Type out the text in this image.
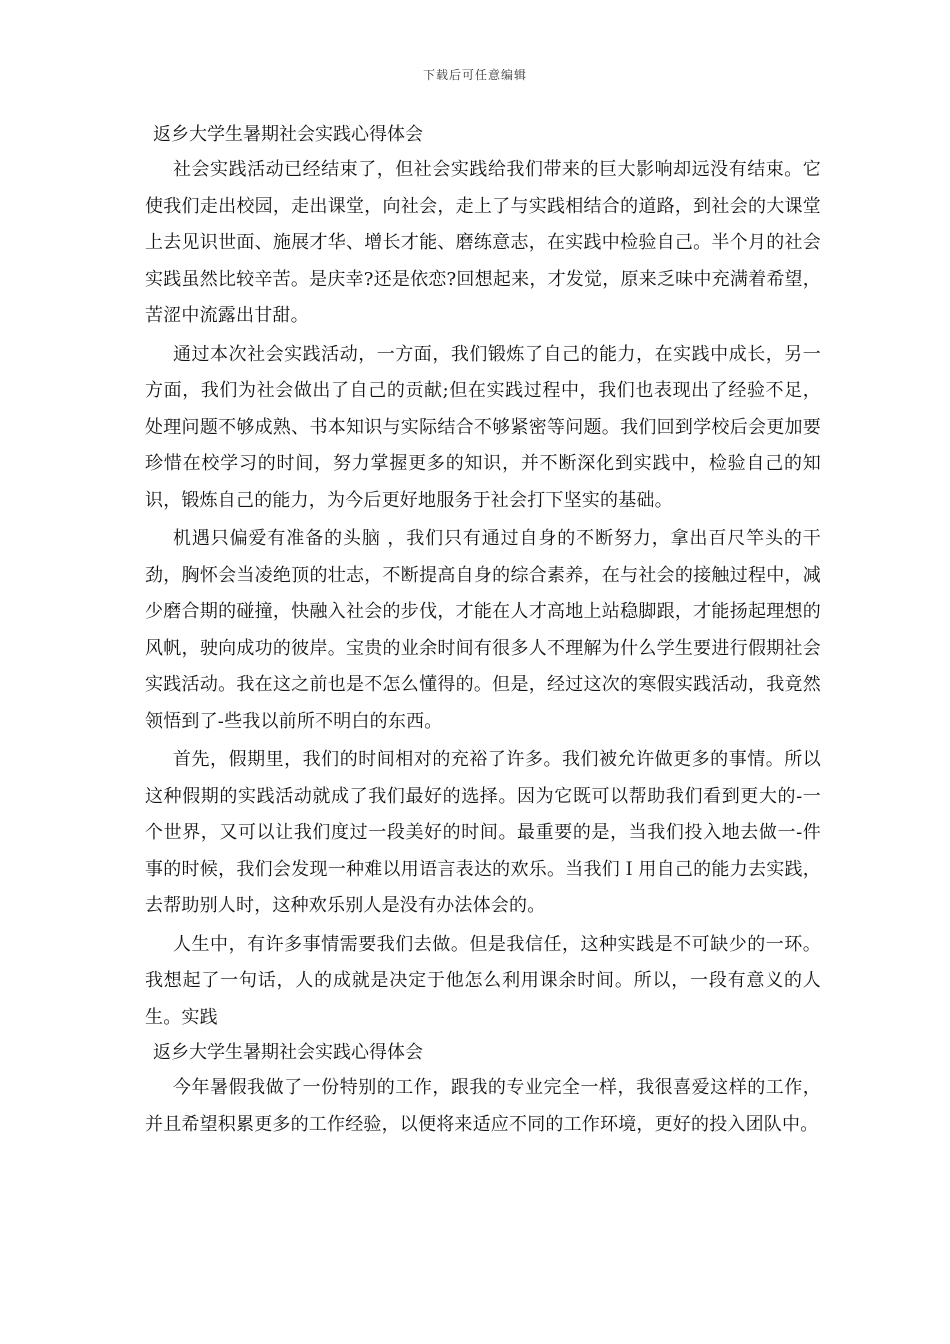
下载后可任意编辑
返乡大学生暑期社会实践心得体会

社会实践活动已经结束了，但社会实践给我们带来的巨大影响却远没有结束。它使我们走出校园，走出课堂，向社会，走上了与实践相结合的道路，到社会的大课堂上去见识世面、施展才华、增长才能、磨练意志，在实践中检验自己。半个月的社会实践虽然比较辛苦。是庆幸?还是依恋?回想起来，才发觉，原来乏味中充满着希望，苦涩中流露出甘甜。

通过本次社会实践活动，一方面，我们锻炼了自己的能力，在实践中成长，另一方面，我们为社会做出了自己的贡献;但在实践过程中，我们也表现出了经验不足，处理问题不够成熟、书本知识与实际结合不够紧密等问题。我们回到学校后会更加要珍惜在校学习的时间，努力掌握更多的知识，并不断深化到实践中，检验自己的知识，锻炼自己的能力，为今后更好地服务于社会打下坚实的基础。

机遇只偏爱有准备的头脑 ，我们只有通过自身的不断努力，拿出百尺竿头的干劲，胸怀会当凌绝顶的壮志，不断提高自身的综合素养，在与社会的接触过程中，减少磨合期的碰撞，快融入社会的步伐，才能在人才高地上站稳脚跟，才能扬起理想的风帆，驶向成功的彼岸。宝贵的业余时间有很多人不理解为什么学生要进行假期社会实践活动。我在这之前也是不怎么懂得的。但是，经过这次的寒假实践活动，我竟然领悟到了-些我以前所不明白的东西。

首先，假期里，我们的时间相对的充裕了许多。我们被允许做更多的事情。所以这种假期的实践活动就成了我们最好的选择。因为它既可以帮助我们看到更大的-一个世界，又可以让我们度过一段美好的时间。最重要的是，当我们投入地去做一-件事的时候，我们会发现一种难以用语言表达的欢乐。当我们Ｉ用自己的能力去实践，去帮助别人时，这种欢乐别人是没有办法体会的。

人生中，有许多事情需要我们去做。但是我信任，这种实践是不可缺少的一环。我想起了一句话，人的成就是决定于他怎么利用课余时间。所以，一段有意义的人生。实践

返乡大学生暑期社会实践心得体会

今年暑假我做了一份特别的工作，跟我的专业完全一样，我很喜爱这样的工作，并且希望积累更多的工作经验，以便将来适应不同的工作环境，更好的投入团队中。
